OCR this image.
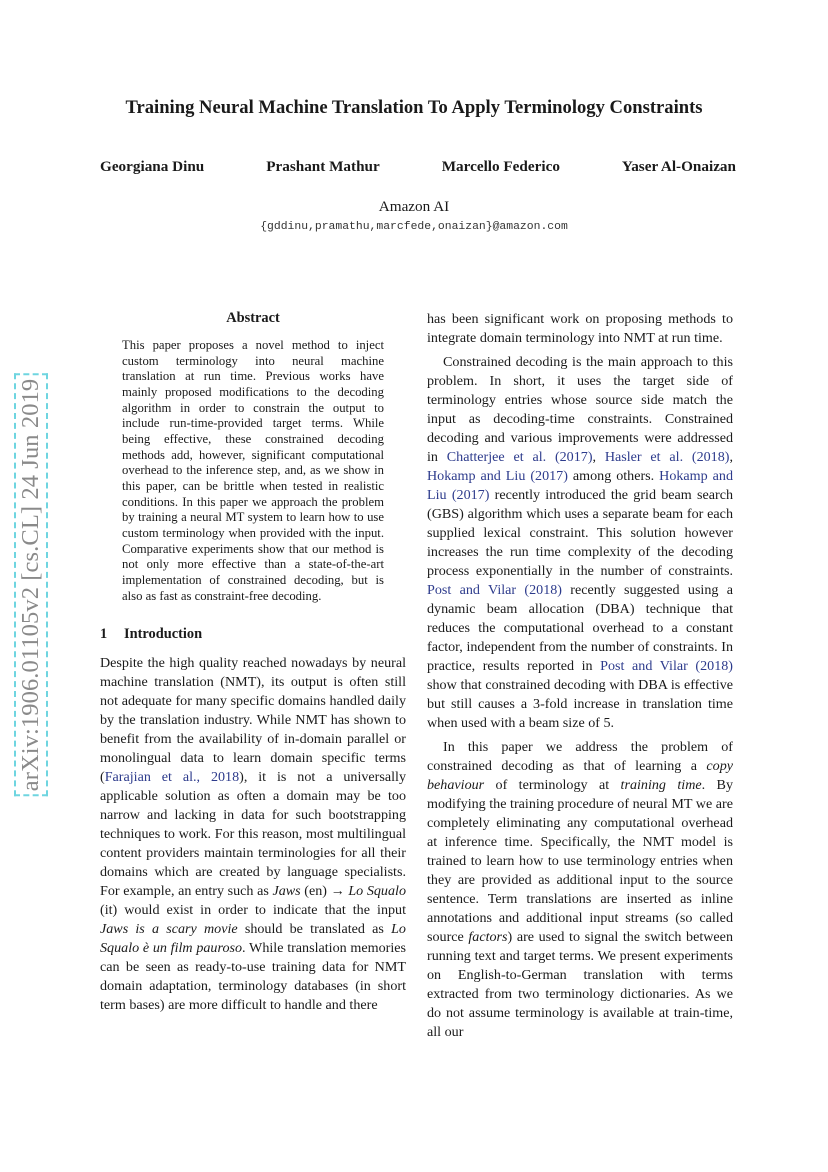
Training Neural Machine Translation To Apply Terminology Constraints
Georgiana Dinu	Prashant Mathur	Marcello Federico	Yaser Al-Onaizan
Amazon AI
{gddinu,pramathu,marcfede,onaizan}@amazon.com
arXiv:1906.01105v2 [cs.CL] 24 Jun 2019
Abstract

This paper proposes a novel method to inject custom terminology into neural machine translation at run time. Previous works have mainly proposed modifications to the decoding algorithm in order to constrain the output to include run-time-provided target terms. While being effective, these constrained decoding methods add, however, significant computational overhead to the inference step, and, as we show in this paper, can be brittle when tested in realistic conditions. In this paper we approach the problem by training a neural MT system to learn how to use custom terminology when provided with the input. Comparative experiments show that our method is not only more effective than a state-of-the-art implementation of constrained decoding, but is also as fast as constraint-free decoding.

1 Introduction

Despite the high quality reached nowadays by neural machine translation (NMT), its output is often still not adequate for many specific domains handled daily by the translation industry. While NMT has shown to benefit from the availability of in-domain parallel or monolingual data to learn domain specific terms (Farajian et al., 2018), it is not a universally applicable solution as often a domain may be too narrow and lacking in data for such bootstrapping techniques to work. For this reason, most multilingual content providers maintain terminologies for all their domains which are created by language specialists. For example, an entry such as Jaws (en) → Lo Squalo (it) would exist in order to indicate that the input Jaws is a scary movie should be translated as Lo Squalo è un film pauroso. While translation memories can be seen as ready-to-use training data for NMT domain adaptation, terminology databases (in short term bases) are more difficult to handle and there

has been significant work on proposing methods to integrate domain terminology into NMT at run time.

Constrained decoding is the main approach to this problem. In short, it uses the target side of terminology entries whose source side match the input as decoding-time constraints. Constrained decoding and various improvements were addressed in Chatterjee et al. (2017), Hasler et al. (2018), Hokamp and Liu (2017) among others. Hokamp and Liu (2017) recently introduced the grid beam search (GBS) algorithm which uses a separate beam for each supplied lexical constraint. This solution however increases the run time complexity of the decoding process exponentially in the number of constraints. Post and Vilar (2018) recently suggested using a dynamic beam allocation (DBA) technique that reduces the computational overhead to a constant factor, independent from the number of constraints. In practice, results reported in Post and Vilar (2018) show that constrained decoding with DBA is effective but still causes a 3-fold increase in translation time when used with a beam size of 5.

In this paper we address the problem of constrained decoding as that of learning a copy behaviour of terminology at training time. By modifying the training procedure of neural MT we are completely eliminating any computational overhead at inference time. Specifically, the NMT model is trained to learn how to use terminology entries when they are provided as additional input to the source sentence. Term translations are inserted as inline annotations and additional input streams (so called source factors) are used to signal the switch between running text and target terms. We present experiments on English-to-German translation with terms extracted from two terminology dictionaries. As we do not assume terminology is available at train-time, all our
